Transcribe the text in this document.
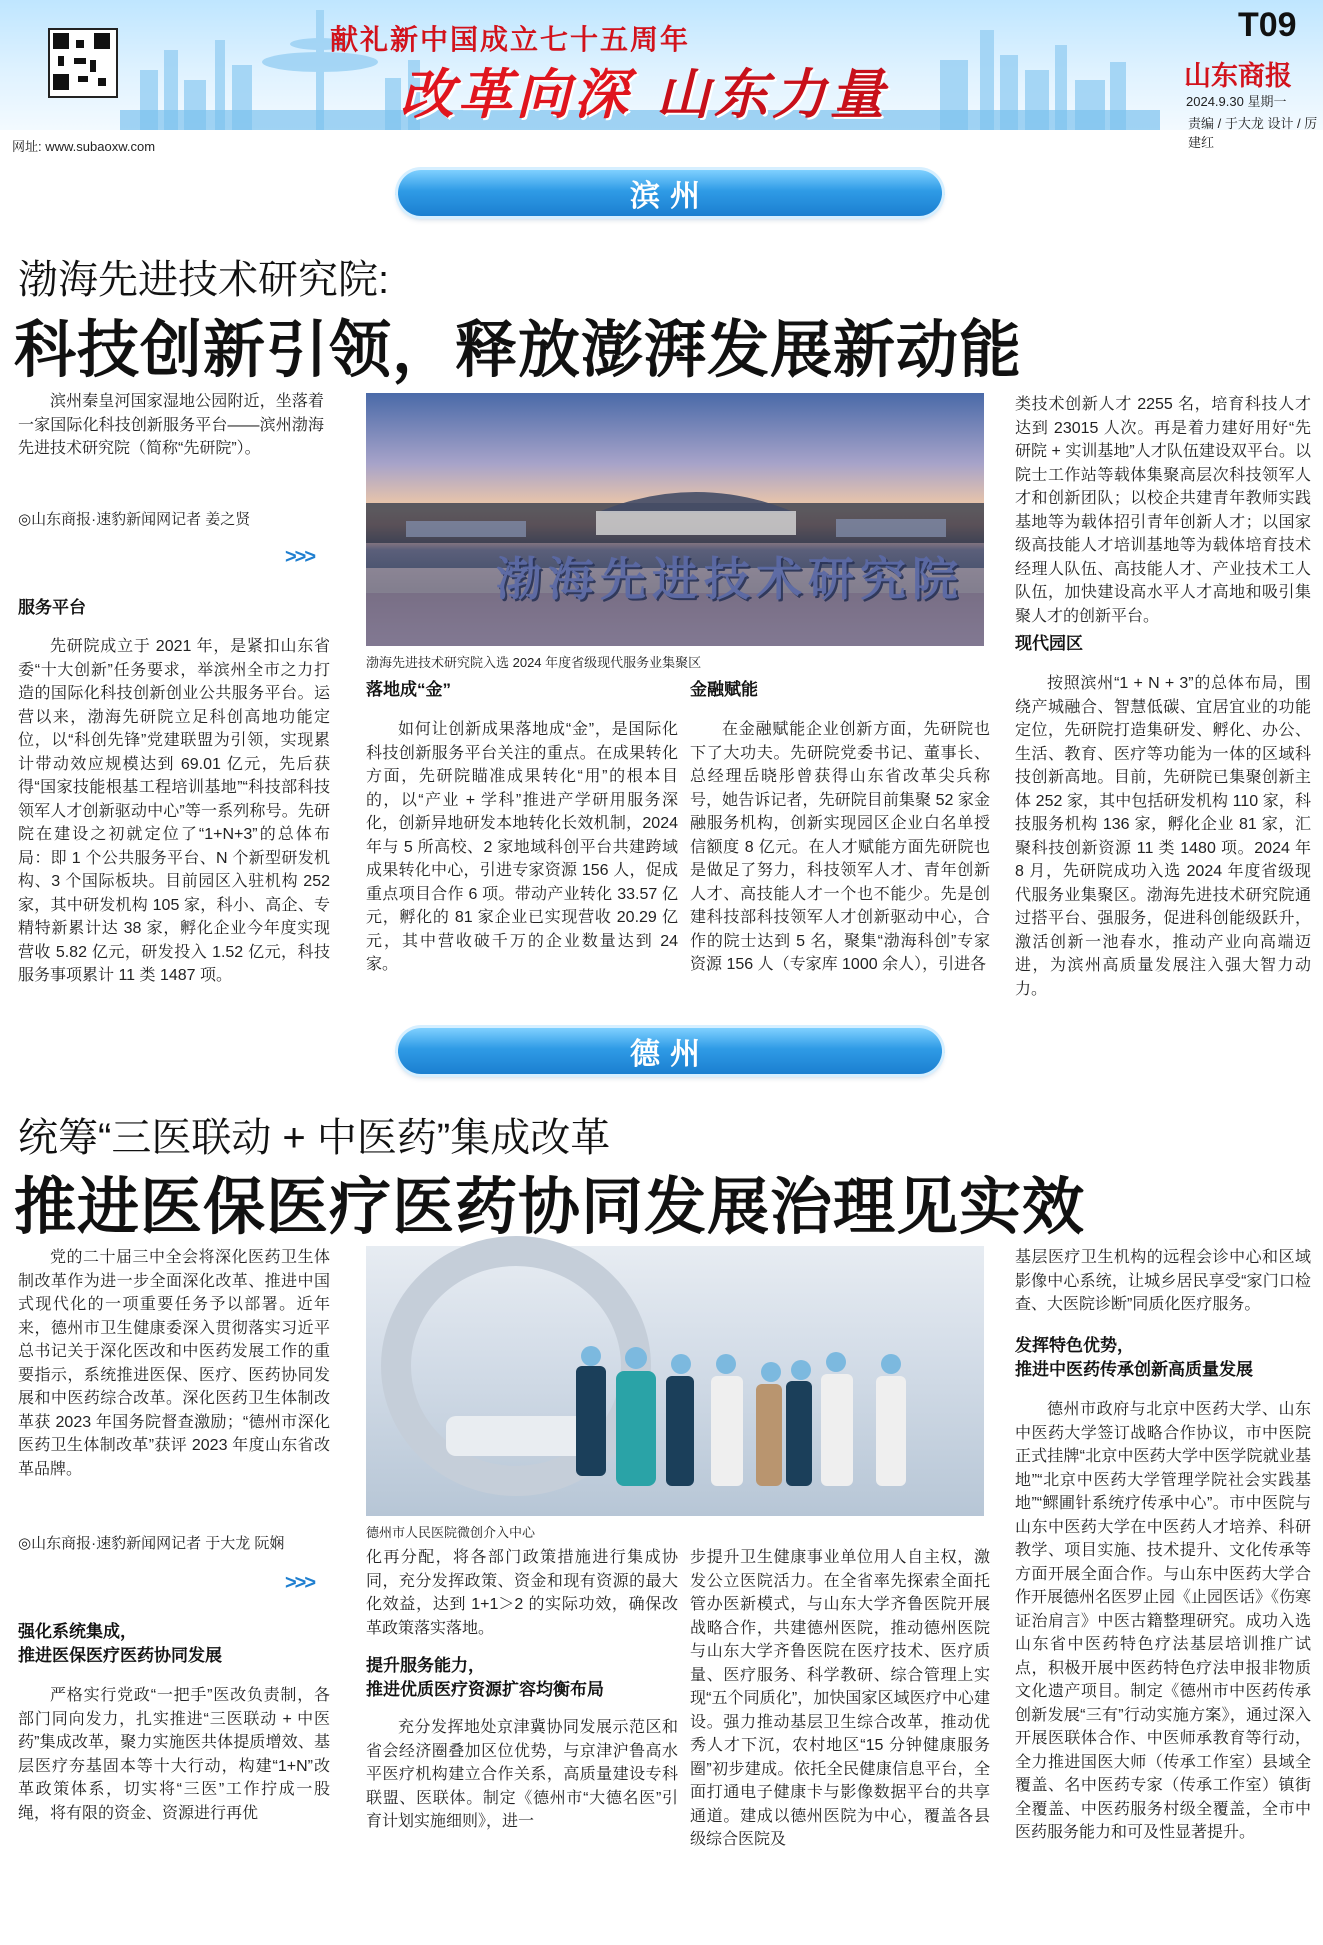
献礼新中国成立七十五周年
改革向深 山东力量
T09
山东商报
2024.9.30 星期一
责编 / 于大龙 设计 / 厉建红
网址: www.subaoxw.com
滨州
渤海先进技术研究院:
科技创新引领，释放澎湃发展新动能

滨州秦皇河国家湿地公园附近，坐落着一家国际化科技创新服务平台——滨州渤海先进技术研究院（简称“先研院”）。

◎山东商报·速豹新闻网记者 姜之贤
>>>
服务平台

先研院成立于 2021 年，是紧扣山东省委“十大创新”任务要求，举滨州全市之力打造的国际化科技创新创业公共服务平台。运营以来，渤海先研院立足科创高地功能定位，以“科创先锋”党建联盟为引领，实现累计带动效应规模达到 69.01 亿元，先后获得“国家技能根基工程培训基地”“科技部科技领军人才创新驱动中心”等一系列称号。先研院在建设之初就定位了“1+N+3”的总体布局：即 1 个公共服务平台、N 个新型研发机构、3 个国际板块。目前园区入驻机构 252 家，其中研发机构 105 家，科小、高企、专精特新累计达 38 家，孵化企业今年度实现营收 5.82 亿元，研发投入 1.52 亿元，科技服务事项累计 11 类 1487 项。

渤海先进技术研究院
渤海先进技术研究院入选 2024 年度省级现代服务业集聚区
落地成“金”

如何让创新成果落地成“金”，是国际化科技创新服务平台关注的重点。在成果转化方面，先研院瞄准成果转化“用”的根本目的，以“产业 + 学科”推进产学研用服务深化，创新异地研发本地转化长效机制，2024 年与 5 所高校、2 家地域科创平台共建跨域成果转化中心，引进专家资源 156 人，促成重点项目合作 6 项。带动产业转化 33.57 亿元，孵化的 81 家企业已实现营收 20.29 亿元，其中营收破千万的企业数量达到 24 家。

金融赋能

在金融赋能企业创新方面，先研院也下了大功夫。先研院党委书记、董事长、总经理岳晓彤曾获得山东省改革尖兵称号，她告诉记者，先研院目前集聚 52 家金融服务机构，创新实现园区企业白名单授信额度 8 亿元。在人才赋能方面先研院也是做足了努力，科技领军人才、青年创新人才、高技能人才一个也不能少。先是创建科技部科技领军人才创新驱动中心，合作的院士达到 5 名，聚集“渤海科创”专家资源 156 人（专家库 1000 余人），引进各

类技术创新人才 2255 名，培育科技人才达到 23015 人次。再是着力建好用好“先研院 + 实训基地”人才队伍建设双平台。以院士工作站等载体集聚高层次科技领军人才和创新团队；以校企共建青年教师实践基地等为载体招引青年创新人才；以国家级高技能人才培训基地等为载体培育技术经理人队伍、高技能人才、产业技术工人队伍，加快建设高水平人才高地和吸引集聚人才的创新平台。

现代园区

按照滨州“1 + N + 3”的总体布局，围绕产城融合、智慧低碳、宜居宜业的功能定位，先研院打造集研发、孵化、办公、生活、教育、医疗等功能为一体的区域科技创新高地。目前，先研院已集聚创新主体 252 家，其中包括研发机构 110 家，科技服务机构 136 家，孵化企业 81 家，汇聚科技创新资源 11 类 1480 项。2024 年 8 月，先研院成功入选 2024 年度省级现代服务业集聚区。渤海先进技术研究院通过搭平台、强服务，促进科创能级跃升，激活创新一池春水，推动产业向高端迈进，为滨州高质量发展注入强大智力动力。

德州
统筹“三医联动 + 中医药”集成改革
推进医保医疗医药协同发展治理见实效

党的二十届三中全会将深化医药卫生体制改革作为进一步全面深化改革、推进中国式现代化的一项重要任务予以部署。近年来，德州市卫生健康委深入贯彻落实习近平总书记关于深化医改和中医药发展工作的重要指示，系统推进医保、医疗、医药协同发展和中医药综合改革。深化医药卫生体制改革获 2023 年国务院督查激励；“德州市深化医药卫生体制改革”获评 2023 年度山东省改革品牌。

◎山东商报·速豹新闻网记者 于大龙 阮娴
>>>
强化系统集成，
推进医保医疗医药协同发展

严格实行党政“一把手”医改负责制，各部门同向发力，扎实推进“三医联动 + 中医药”集成改革，聚力实施医共体提质增效、基层医疗夯基固本等十大行动，构建“1+N”改革政策体系，切实将“三医”工作拧成一股绳，将有限的资金、资源进行再优

德州市人民医院微创介入中心

化再分配，将各部门政策措施进行集成协同，充分发挥政策、资金和现有资源的最大化效益，达到 1+1＞2 的实际功效，确保改革政策落实落地。

提升服务能力，
推进优质医疗资源扩容均衡布局

充分发挥地处京津冀协同发展示范区和省会经济圈叠加区位优势，与京津沪鲁高水平医疗机构建立合作关系，高质量建设专科联盟、医联体。制定《德州市“大德名医”引育计划实施细则》，进一

步提升卫生健康事业单位用人自主权，激发公立医院活力。在全省率先探索全面托管办医新模式，与山东大学齐鲁医院开展战略合作，共建德州医院，推动德州医院与山东大学齐鲁医院在医疗技术、医疗质量、医疗服务、科学教研、综合管理上实现“五个同质化”，加快国家区域医疗中心建设。强力推动基层卫生综合改革，推动优秀人才下沉，农村地区“15 分钟健康服务圈”初步建成。依托全民健康信息平台，全面打通电子健康卡与影像数据平台的共享通道。建成以德州医院为中心，覆盖各县级综合医院及

基层医疗卫生机构的远程会诊中心和区域影像中心系统，让城乡居民享受“家门口检查、大医院诊断”同质化医疗服务。

发挥特色优势，
推进中医药传承创新高质量发展

德州市政府与北京中医药大学、山东中医药大学签订战略合作协议，市中医院正式挂牌“北京中医药大学中医学院就业基地”“北京中医药大学管理学院社会实践基地”“鳏圃针系统疗传承中心”。市中医院与山东中医药大学在中医药人才培养、科研教学、项目实施、技术提升、文化传承等方面开展全面合作。与山东中医药大学合作开展德州名医罗止园《止园医话》《伤寒证治肩言》中医古籍整理研究。成功入选山东省中医药特色疗法基层培训推广试点，积极开展中医药特色疗法申报非物质文化遗产项目。制定《德州市中医药传承创新发展“三有”行动实施方案》，通过深入开展医联体合作、中医师承教育等行动，全力推进国医大师（传承工作室）县域全覆盖、名中医药专家（传承工作室）镇街全覆盖、中医药服务村级全覆盖，全市中医药服务能力和可及性显著提升。
